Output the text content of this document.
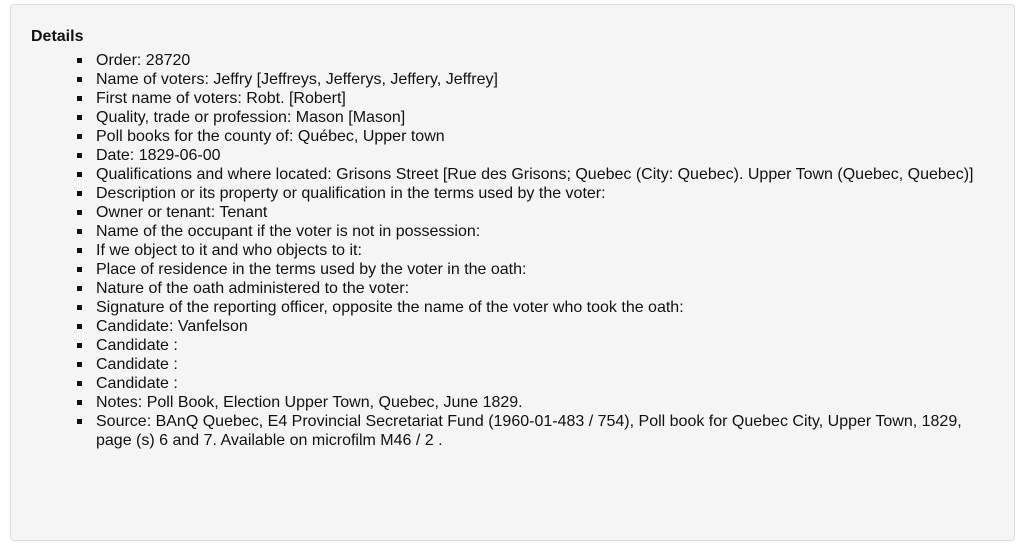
Details
Order: 28720
Name of voters: Jeffry [Jeffreys, Jefferys, Jeffery, Jeffrey]
First name of voters: Robt. [Robert]
Quality, trade or profession: Mason [Mason]
Poll books for the county of: Québec, Upper town
Date: 1829-06-00
Qualifications and where located: Grisons Street [Rue des Grisons; Quebec (City: Quebec). Upper Town (Quebec, Quebec)]
Description or its property or qualification in the terms used by the voter:
Owner or tenant: Tenant
Name of the occupant if the voter is not in possession:
If we object to it and who objects to it:
Place of residence in the terms used by the voter in the oath:
Nature of the oath administered to the voter:
Signature of the reporting officer, opposite the name of the voter who took the oath:
Candidate: Vanfelson
Candidate :
Candidate :
Candidate :
Notes: Poll Book, Election Upper Town, Quebec, June 1829.
Source: BAnQ Quebec, E4 Provincial Secretariat Fund (1960-01-483 / 754), Poll book for Quebec City, Upper Town, 1829, page (s) 6 and 7. Available on microfilm M46 / 2 .
